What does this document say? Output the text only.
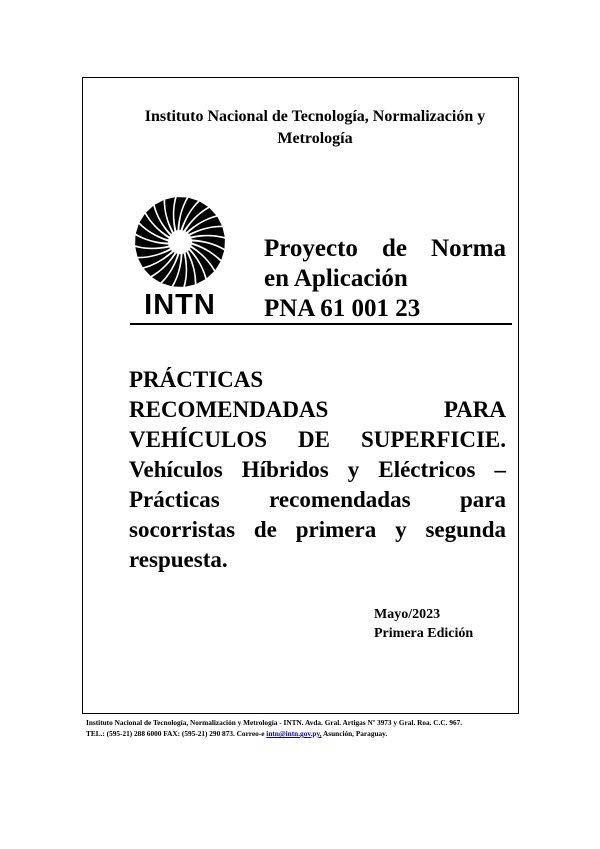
Instituto Nacional de Tecnología, Normalización y
Metrología
INTN
Proyecto de Norma
en Aplicación
PNA 61 001 23
PRÁCTICAS
RECOMENDADAS PARA
VEHÍCULOS DE SUPERFICIE.
Vehículos Híbridos y Eléctricos –
Prácticas recomendadas para
socorristas de primera y segunda
respuesta.
Mayo/2023
Primera Edición
Instituto Nacional de Tecnología, Normalización y Metrología - INTN. Avda. Gral. Artigas Nº 3973 y Gral. Roa. C.C. 967.
TEL.: (595-21) 288 6000 FAX: (595-21) 290 873. Correo-e intn@intn.gov.py, Asunción, Paraguay.
